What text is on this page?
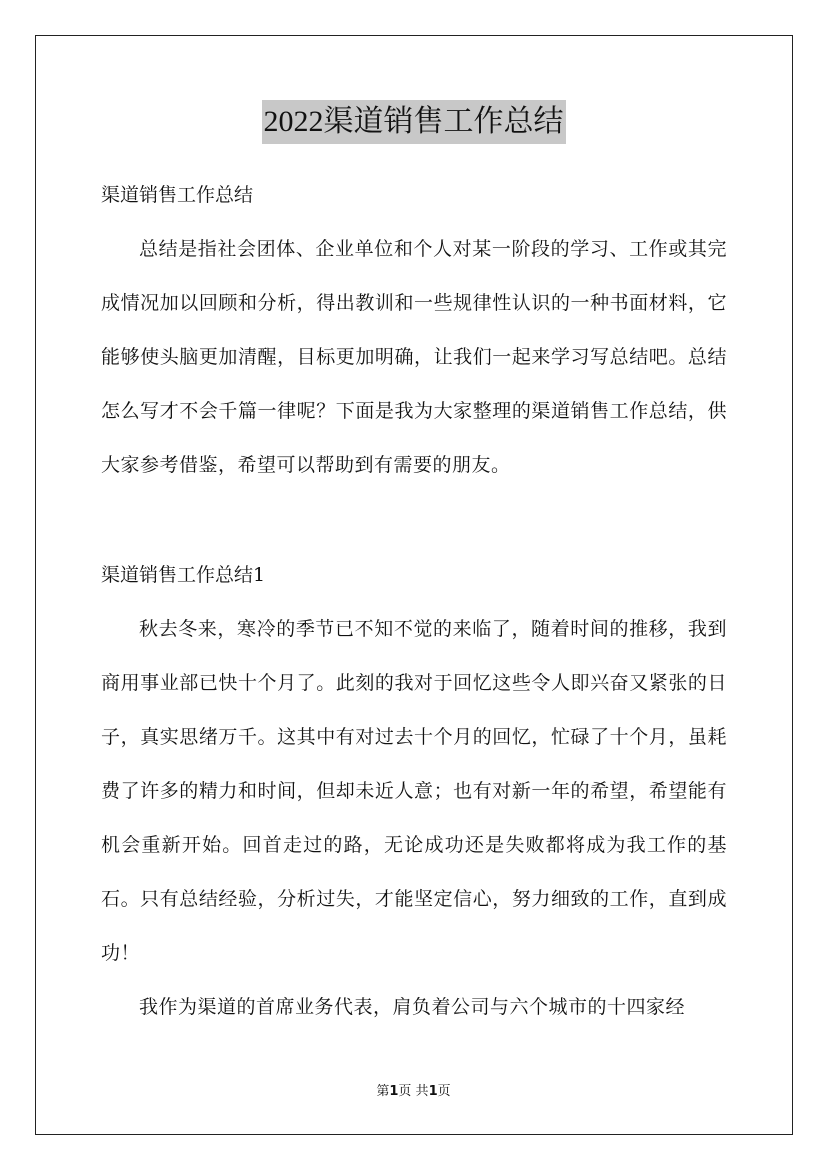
2022渠道销售工作总结

渠道销售工作总结

总结是指社会团体、企业单位和个人对某一阶段的学习、工作或其完成情况加以回顾和分析，得出教训和一些规律性认识的一种书面材料，它能够使头脑更加清醒，目标更加明确，让我们一起来学习写总结吧。总结怎么写才不会千篇一律呢？下面是我为大家整理的渠道销售工作总结，供大家参考借鉴，希望可以帮助到有需要的朋友。

渠道销售工作总结1

秋去冬来，寒冷的季节已不知不觉的来临了，随着时间的推移，我到商用事业部已快十个月了。此刻的我对于回忆这些令人即兴奋又紧张的日子，真实思绪万千。这其中有对过去十个月的回忆，忙碌了十个月，虽耗费了许多的精力和时间，但却未近人意；也有对新一年的希望，希望能有机会重新开始。回首走过的路，无论成功还是失败都将成为我工作的基石。只有总结经验，分析过失，才能坚定信心，努力细致的工作，直到成功！

我作为渠道的首席业务代表，肩负着公司与六个城市的十四家经

第1页 共1页
